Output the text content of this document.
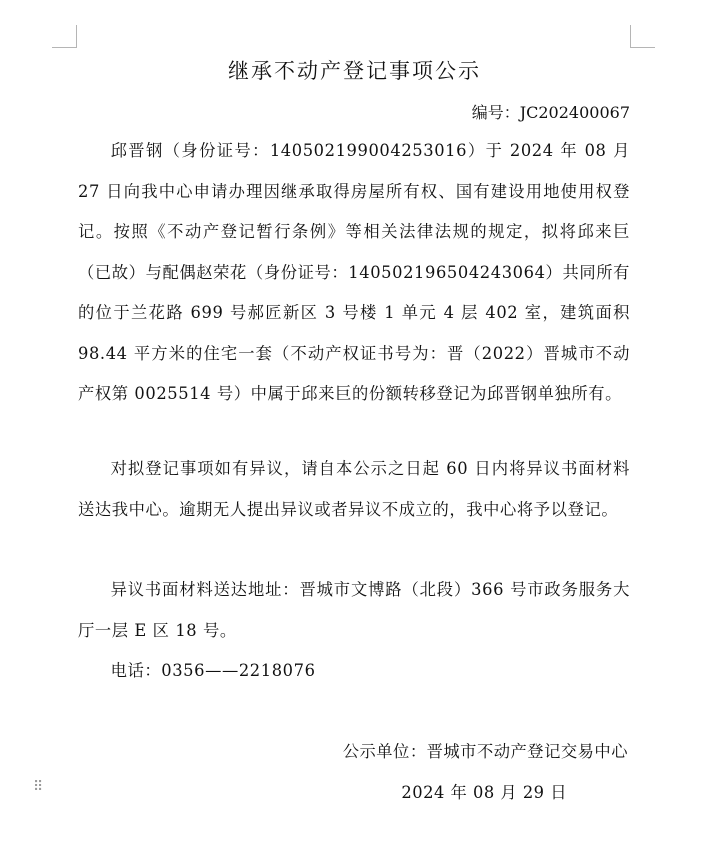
继承不动产登记事项公示
编号：JC202400067

邱晋钢（身份证号：140502199004253016）于 2024 年 08 月 27 日向我中心申请办理因继承取得房屋所有权、国有建设用地使用权登记。按照《不动产登记暂行条例》等相关法律法规的规定，拟将邱来巨（已故）与配偶赵荣花（身份证号：140502196504243064）共同所有的位于兰花路 699 号郝匠新区 3 号楼 1 单元 4 层 402 室，建筑面积 98.44 平方米的住宅一套（不动产权证书号为：晋（2022）晋城市不动产权第 0025514 号）中属于邱来巨的份额转移登记为邱晋钢单独所有。

对拟登记事项如有异议，请自本公示之日起 60 日内将异议书面材料送达我中心。逾期无人提出异议或者异议不成立的，我中心将予以登记。

异议书面材料送达地址：晋城市文博路（北段）366 号市政务服务大厅一层 E 区 18 号。

电话：0356——2218076

公示单位：晋城市不动产登记交易中心
2024 年 08 月 29 日
⠿
